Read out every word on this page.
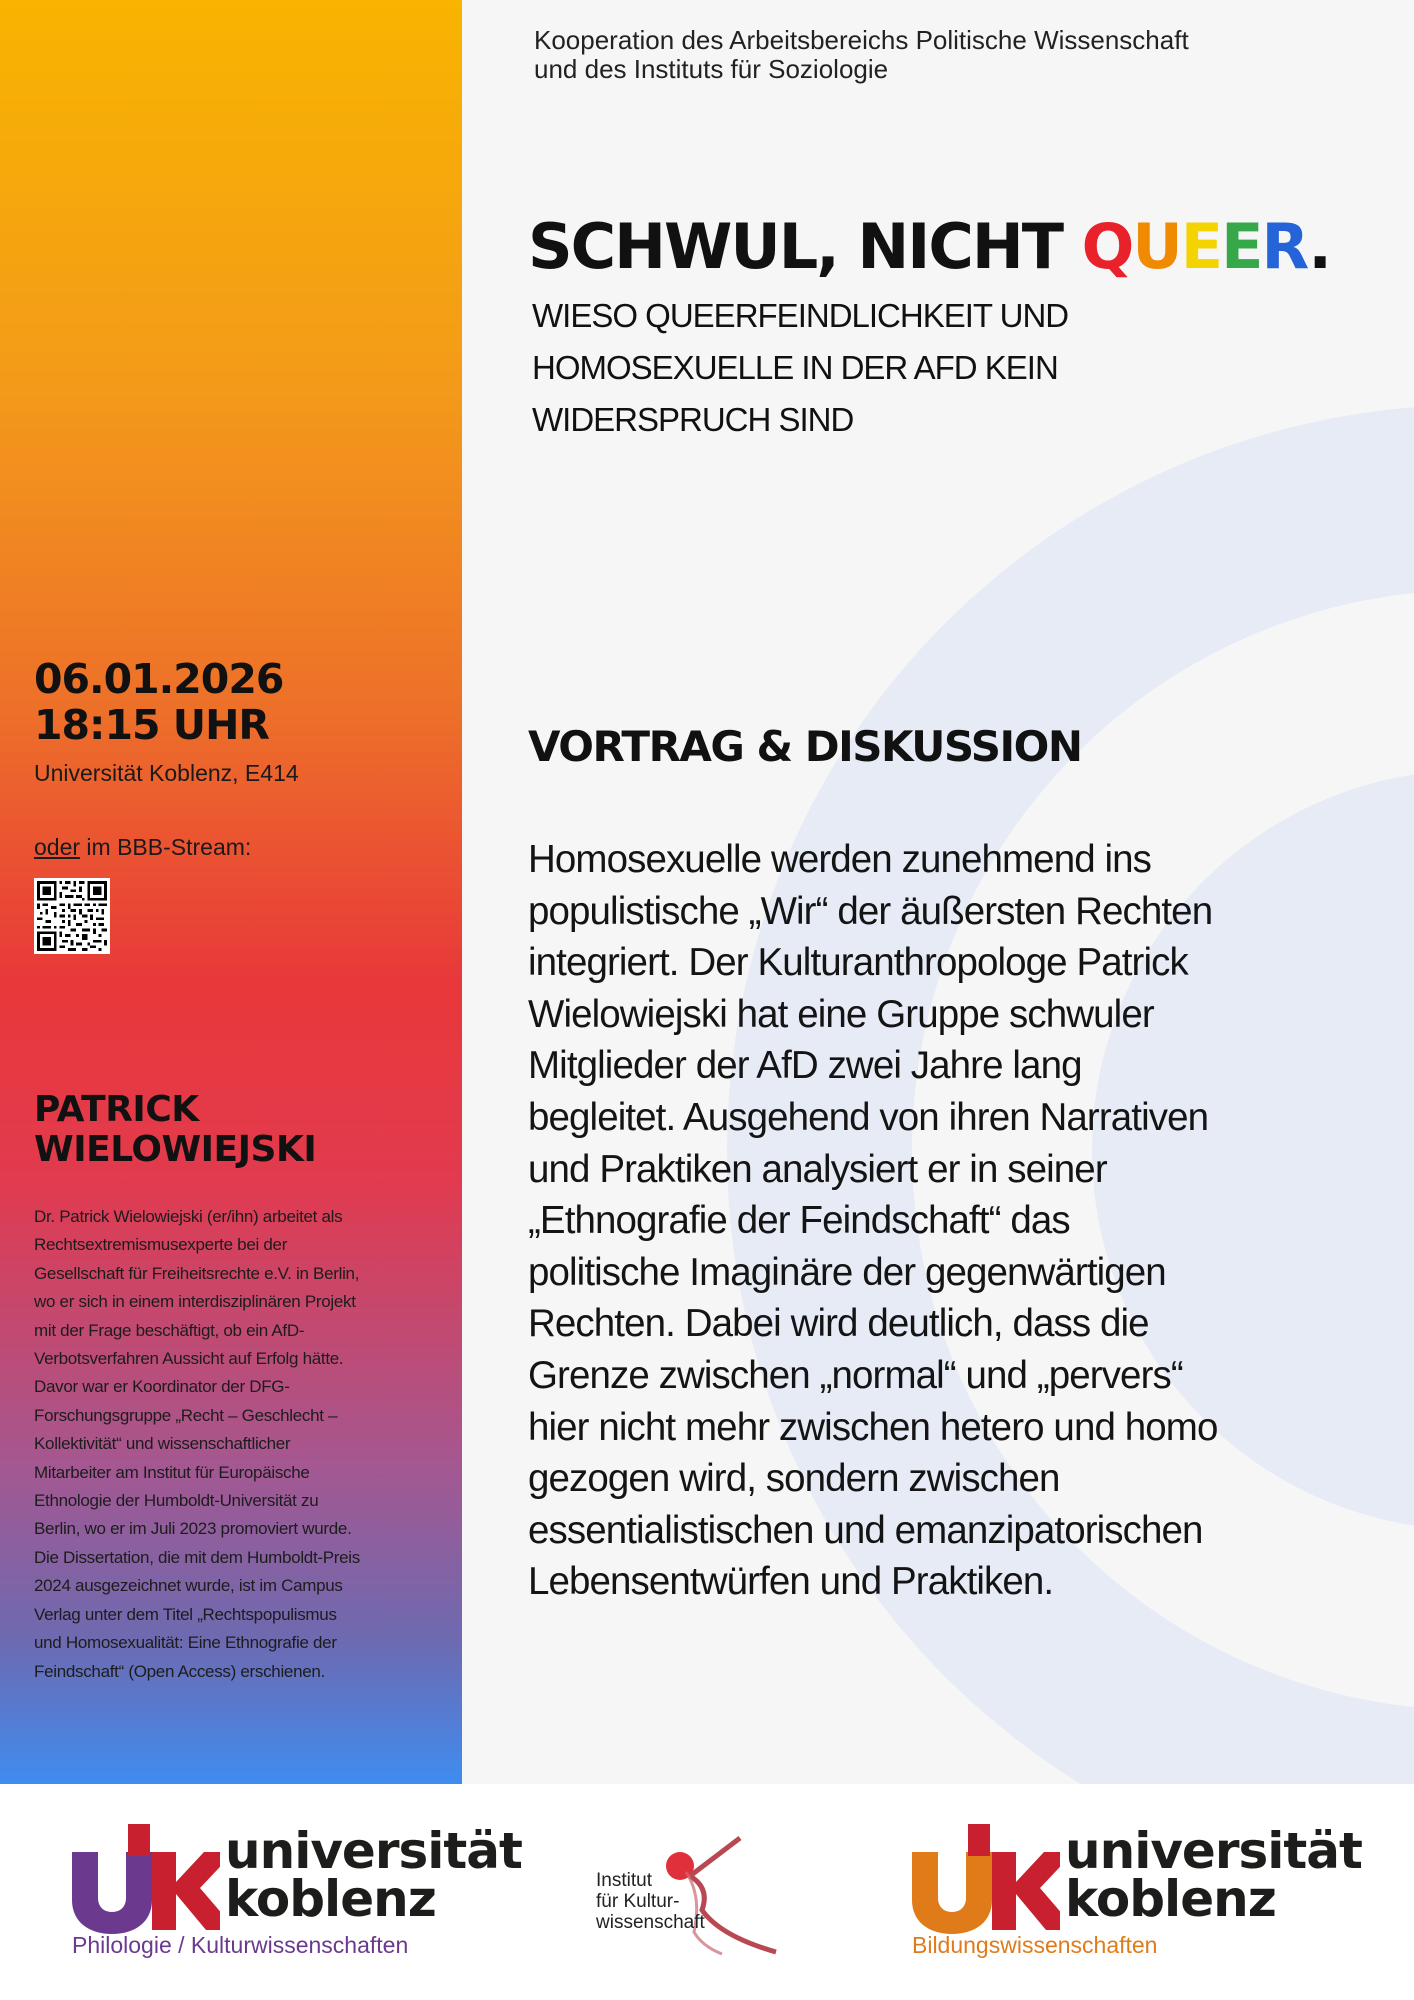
06.01.2026
18:15 UHR
Universität Koblenz, E414
oder im BBB-Stream:
PATRICK
WIELOWIEJSKI
Dr. Patrick Wielowiejski (er/ihn) arbeitet als
Rechtsextremismusexperte bei der
Gesellschaft für Freiheitsrechte e.V. in Berlin,
wo er sich in einem interdisziplinären Projekt
mit der Frage beschäftigt, ob ein AfD-
Verbotsverfahren Aussicht auf Erfolg hätte.
Davor war er Koordinator der DFG-
Forschungsgruppe „Recht – Geschlecht –
Kollektivität“ und wissenschaftlicher
Mitarbeiter am Institut für Europäische
Ethnologie der Humboldt-Universität zu
Berlin, wo er im Juli 2023 promoviert wurde.
Die Dissertation, die mit dem Humboldt-Preis
2024 ausgezeichnet wurde, ist im Campus
Verlag unter dem Titel „Rechtspopulismus
und Homosexualität: Eine Ethnografie der
Feindschaft“ (Open Access) erschienen.
Kooperation des Arbeitsbereichs Politische Wissenschaft
und des Instituts für Soziologie
SCHWUL, NICHT QUEER.
WIESO QUEERFEINDLICHKEIT UND
HOMOSEXUELLE IN DER AFD KEIN
WIDERSPRUCH SIND
VORTRAG & DISKUSSION
Homosexuelle werden zunehmend ins
populistische „Wir“ der äußersten Rechten
integriert. Der Kulturanthropologe Patrick
Wielowiejski hat eine Gruppe schwuler
Mitglieder der AfD zwei Jahre lang
begleitet. Ausgehend von ihren Narrativen
und Praktiken analysiert er in seiner
„Ethnografie der Feindschaft“ das
politische Imaginäre der gegenwärtigen
Rechten. Dabei wird deutlich, dass die
Grenze zwischen „normal“ und „pervers“
hier nicht mehr zwischen hetero und homo
gezogen wird, sondern zwischen
essentialistischen und emanzipatorischen
Lebensentwürfen und Praktiken.
universität
koblenz
Philologie / Kulturwissenschaften
Institut
für Kultur-
wissenschaft
universität
koblenz
Bildungswissenschaften
